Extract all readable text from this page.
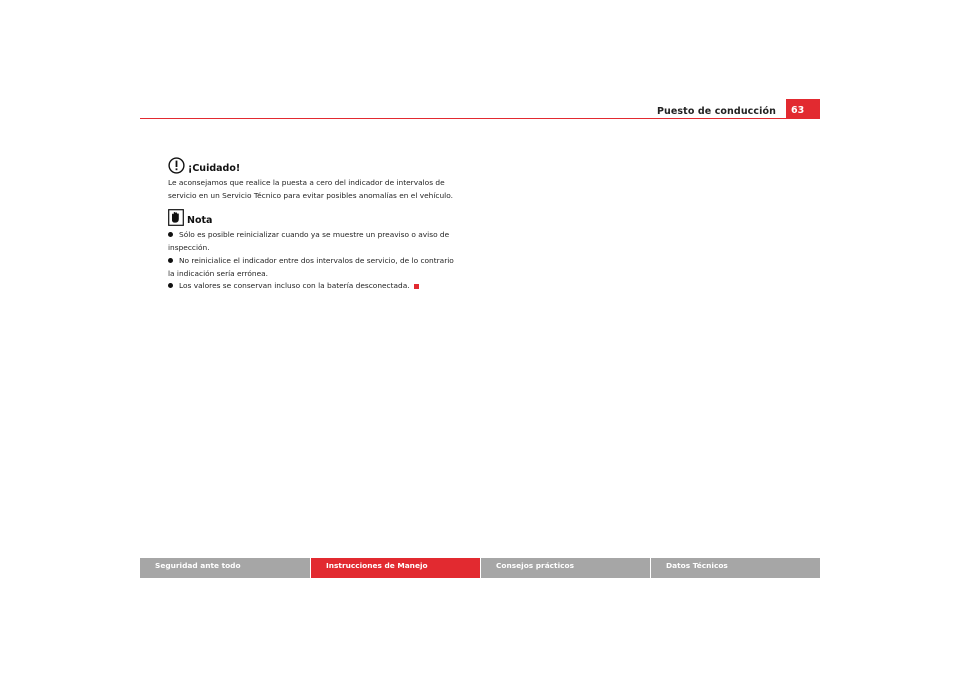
Puesto de conducción	63
¡Cuidado!
Le aconsejamos que realice la puesta a cero del indicador de intervalos de
servicio en un Servicio Técnico para evitar posibles anomalías en el vehículo.
Nota
Sólo es posible reinicializar cuando ya se muestre un preaviso o aviso de
inspección.
No reinicialice el indicador entre dos intervalos de servicio, de lo contrario
la indicación sería errónea.
Los valores se conservan incluso con la batería desconectada.
Seguridad ante todo	Instrucciones de Manejo	Consejos prácticos	Datos Técnicos
